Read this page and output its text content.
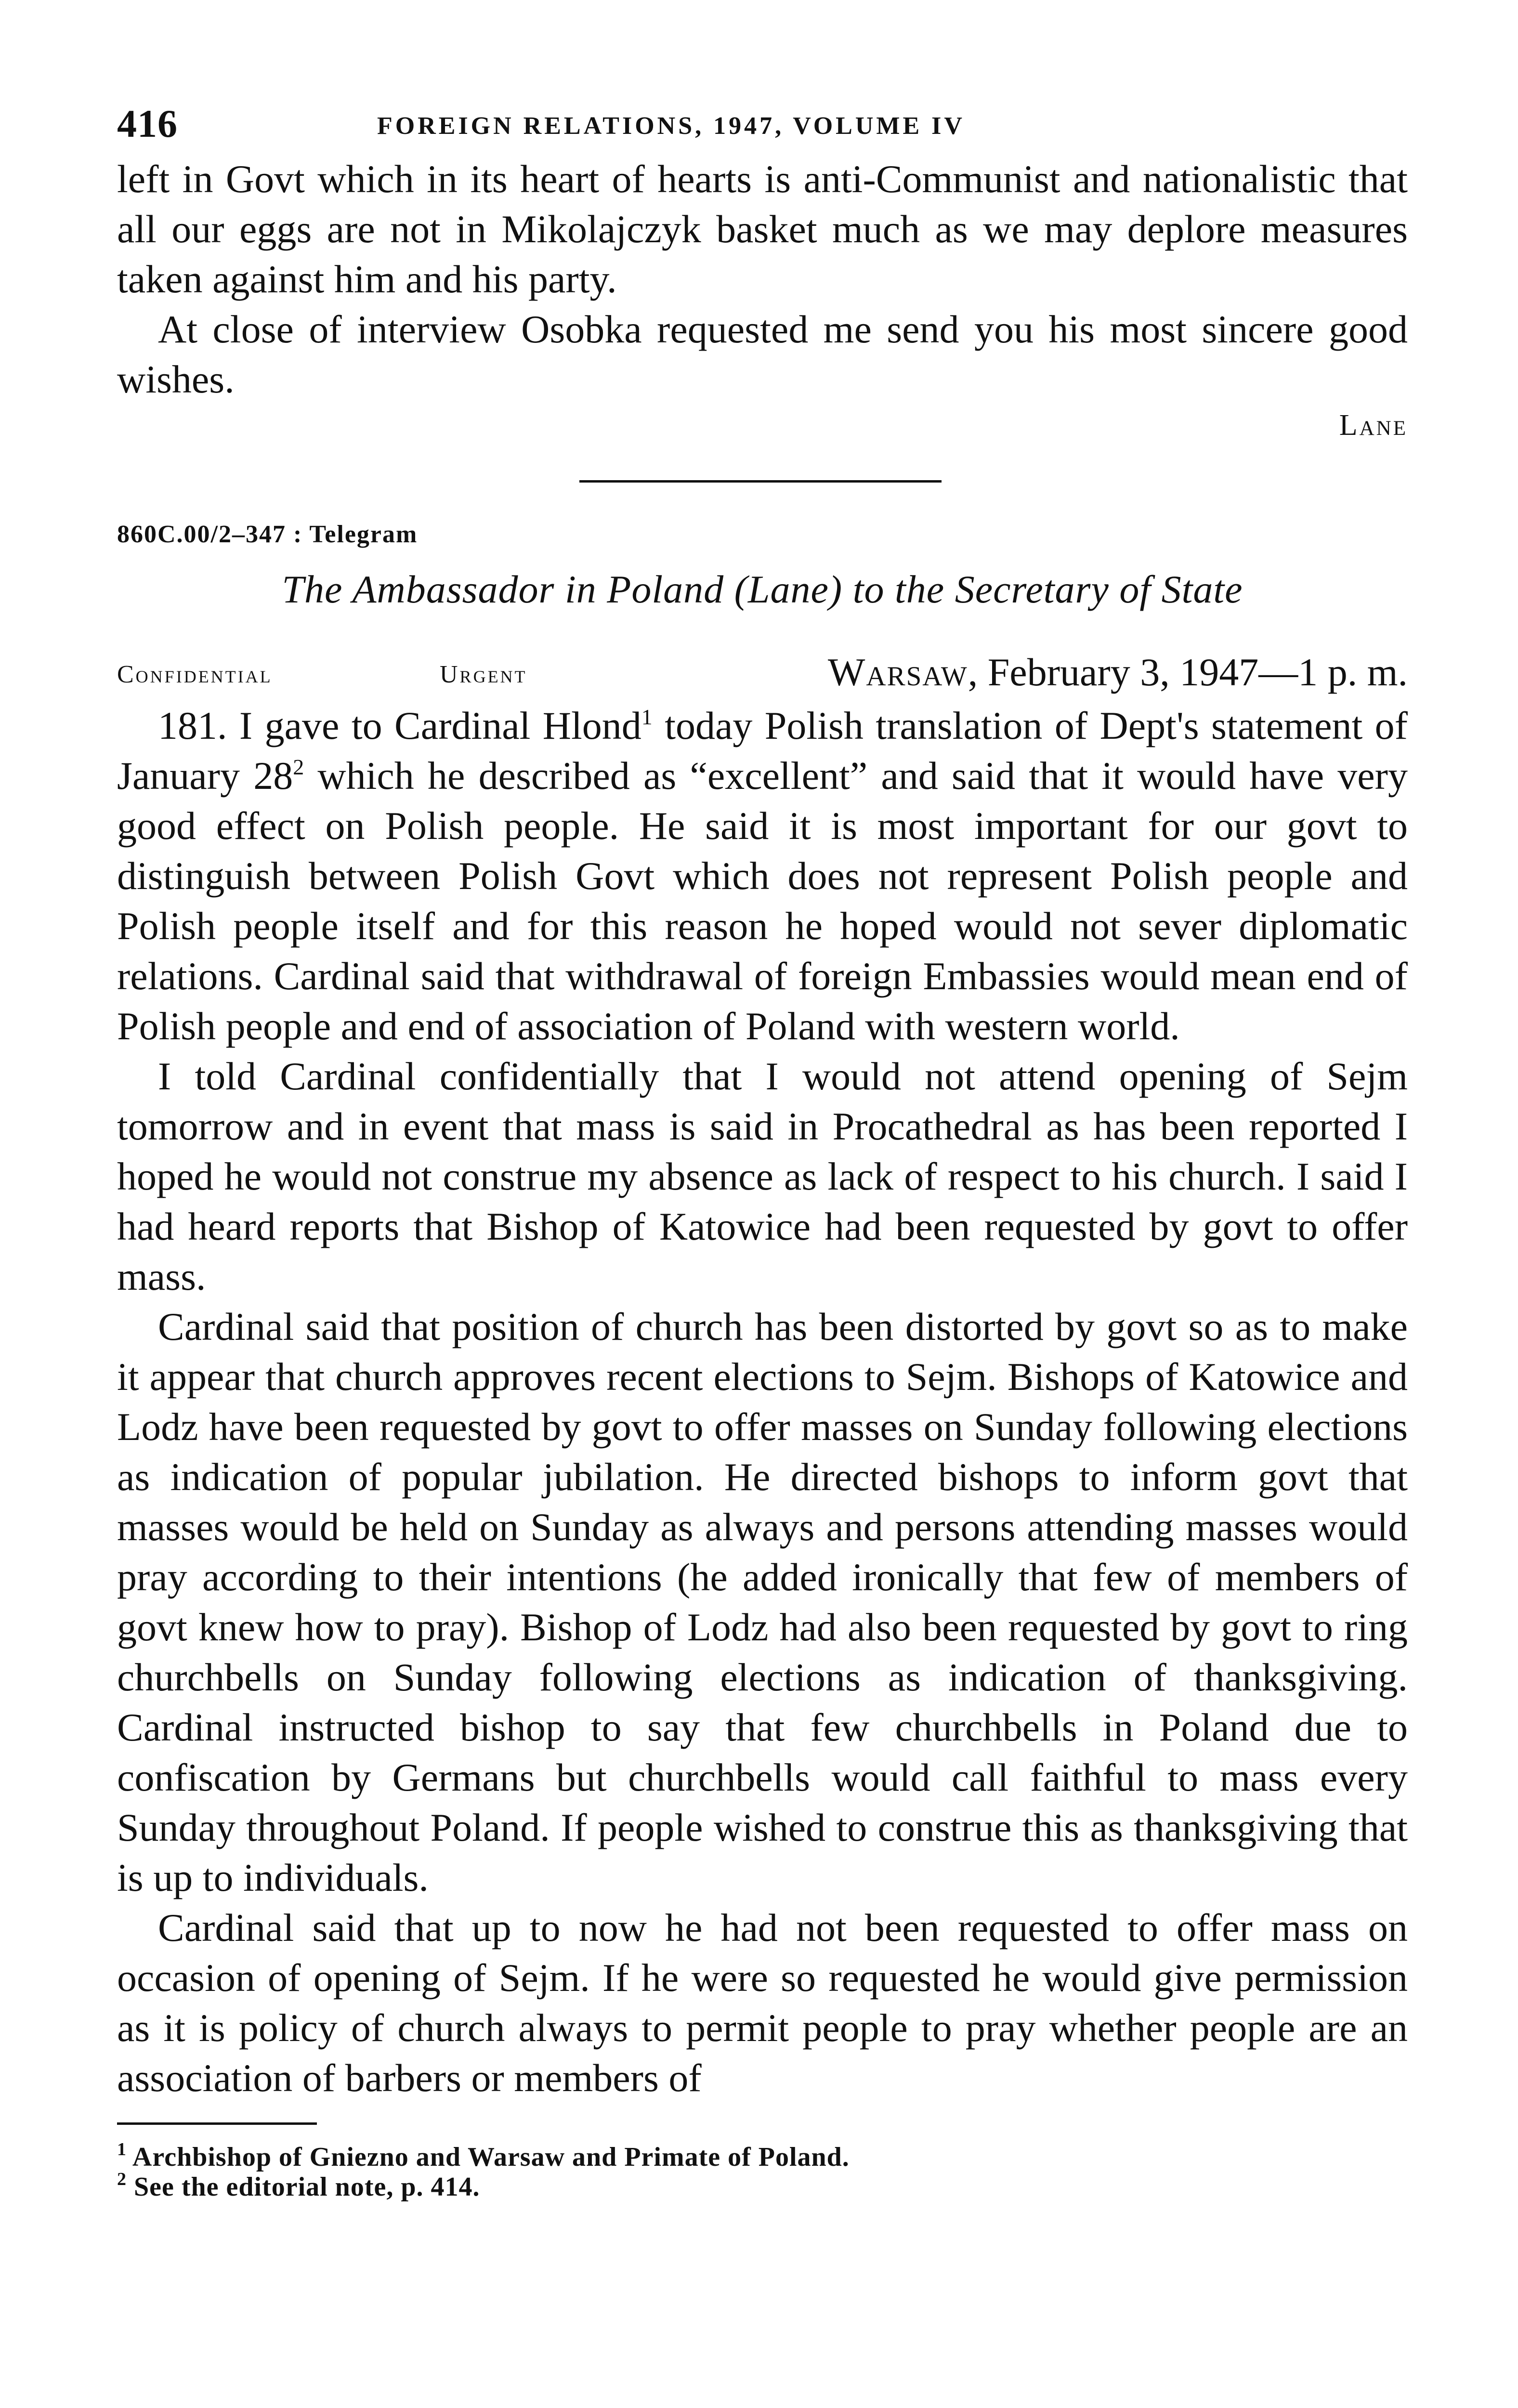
416	FOREIGN RELATIONS, 1947, VOLUME IV

left in Govt which in its heart of hearts is anti-Communist and nationalistic that all our eggs are not in Mikolajczyk basket much as we may deplore measures taken against him and his party.

At close of interview Osobka requested me send you his most sincere good wishes.

Lane
860C.00/2–347 : Telegram
The Ambassador in Poland (Lane) to the Secretary of State
Confidential	Urgent	Warsaw, February 3, 1947—1 p. m.

181. I gave to Cardinal Hlond$^1$ today Polish translation of Dept's statement of January $28^2$ which he described as “excellent” and said that it would have very good effect on Polish people. He said it is most important for our govt to distinguish between Polish Govt which does not represent Polish people and Polish people itself and for this reason he hoped would not sever diplomatic relations. Cardinal said that withdrawal of foreign Embassies would mean end of Polish people and end of association of Poland with western world.

I told Cardinal confidentially that I would not attend opening of Sejm tomorrow and in event that mass is said in Procathedral as has been reported I hoped he would not construe my absence as lack of respect to his church. I said I had heard reports that Bishop of Katowice had been requested by govt to offer mass.

Cardinal said that position of church has been distorted by govt so as to make it appear that church approves recent elections to Sejm. Bishops of Katowice and Lodz have been requested by govt to offer masses on Sunday following elections as indication of popular jubilation. He directed bishops to inform govt that masses would be held on Sunday as always and persons attending masses would pray according to their intentions (he added ironically that few of members of govt knew how to pray). Bishop of Lodz had also been requested by govt to ring churchbells on Sunday following elections as indication of thanksgiving. Cardinal instructed bishop to say that few churchbells in Poland due to confiscation by Germans but churchbells would call faithful to mass every Sunday throughout Poland. If people wished to construe this as thanksgiving that is up to individuals.

Cardinal said that up to now he had not been requested to offer mass on occasion of opening of Sejm. If he were so requested he would give permission as it is policy of church always to permit people to pray whether people are an association of barbers or members of

$^1$ Archbishop of Gniezno and Warsaw and Primate of Poland.

$^2$ See the editorial note, p. 414.
